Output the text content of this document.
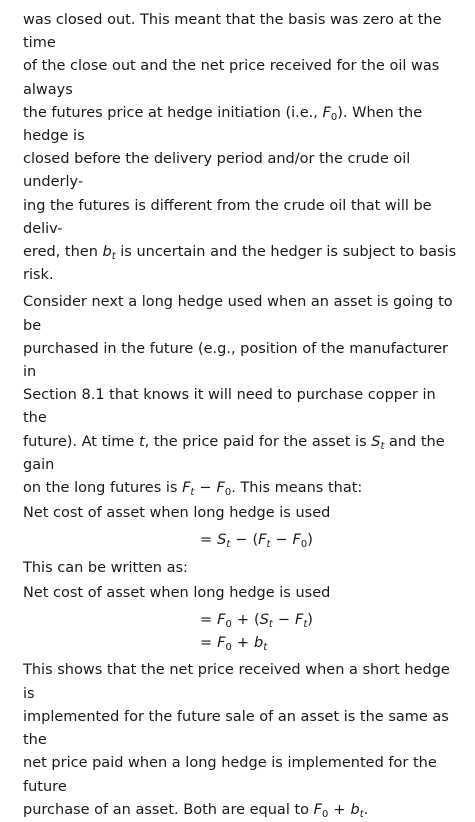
was closed out. This meant that the basis was zero at the time
of the close out and the net price received for the oil was always
the futures price at hedge initiation (i.e., $F_0$). When the hedge is
closed before the delivery period and/or the crude oil underly-
ing the futures is different from the crude oil that will be deliv-
ered, then $b_t$ is uncertain and the hedger is subject to basis risk.
Consider next a long hedge used when an asset is going to be
purchased in the future (e.g., position of the manufacturer in
Section 8.1 that knows it will need to purchase copper in the
future). At time t, the price paid for the asset is $S_t$ and the gain
on the long futures is $F_t - F_0$. This means that:
Net cost of asset when long hedge is used
= $S_t - (F_t - F_0)$
This can be written as:
Net cost of asset when long hedge is used
= $F_0 + (S_t - F_t)$
= $F_0 + b_t$
This shows that the net price received when a short hedge is
implemented for the future sale of an asset is the same as the
net price paid when a long hedge is implemented for the future
purchase of an asset. Both are equal to $F_0 + b_t$.
